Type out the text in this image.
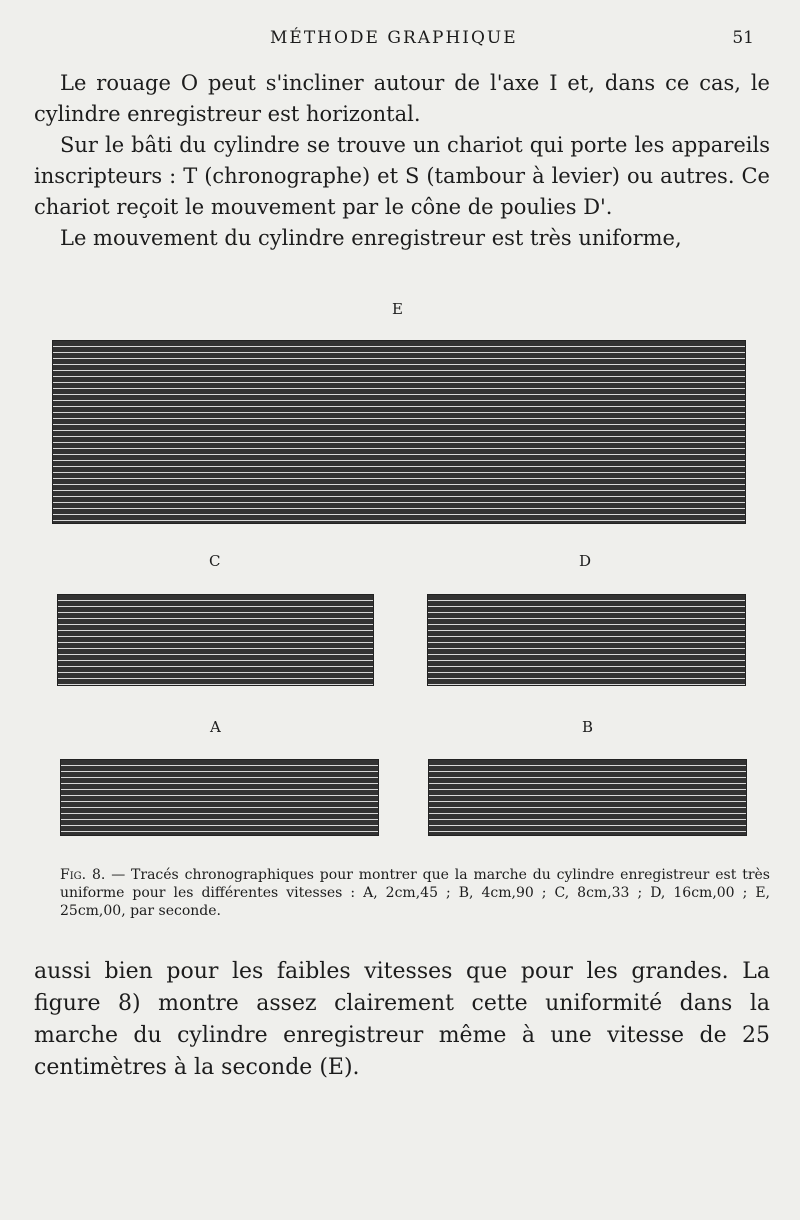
MÉTHODE GRAPHIQUE	51

Le rouage O peut s'incliner autour de l'axe I et, dans ce cas, le cylindre enregistreur est horizontal.

Sur le bâti du cylindre se trouve un chariot qui porte les appareils inscripteurs : T (chronographe) et S (tambour à levier) ou autres. Ce chariot reçoit le mouvement par le cône de poulies D'.

Le mouvement du cylindre enregistreur est très uniforme,

E
C	D
A	B
Fig. 8. — Tracés chronographiques pour montrer que la marche du cylindre enregistreur est très uniforme pour les différentes vitesses : A, 2cm,45 ; B, 4cm,90 ; C, 8cm,33 ; D, 16cm,00 ; E, 25cm,00, par seconde.

aussi bien pour les faibles vitesses que pour les grandes. La figure 8) montre assez clairement cette uniformité dans la marche du cylindre enregistreur même à une vitesse de 25 centimètres à la seconde (E).
